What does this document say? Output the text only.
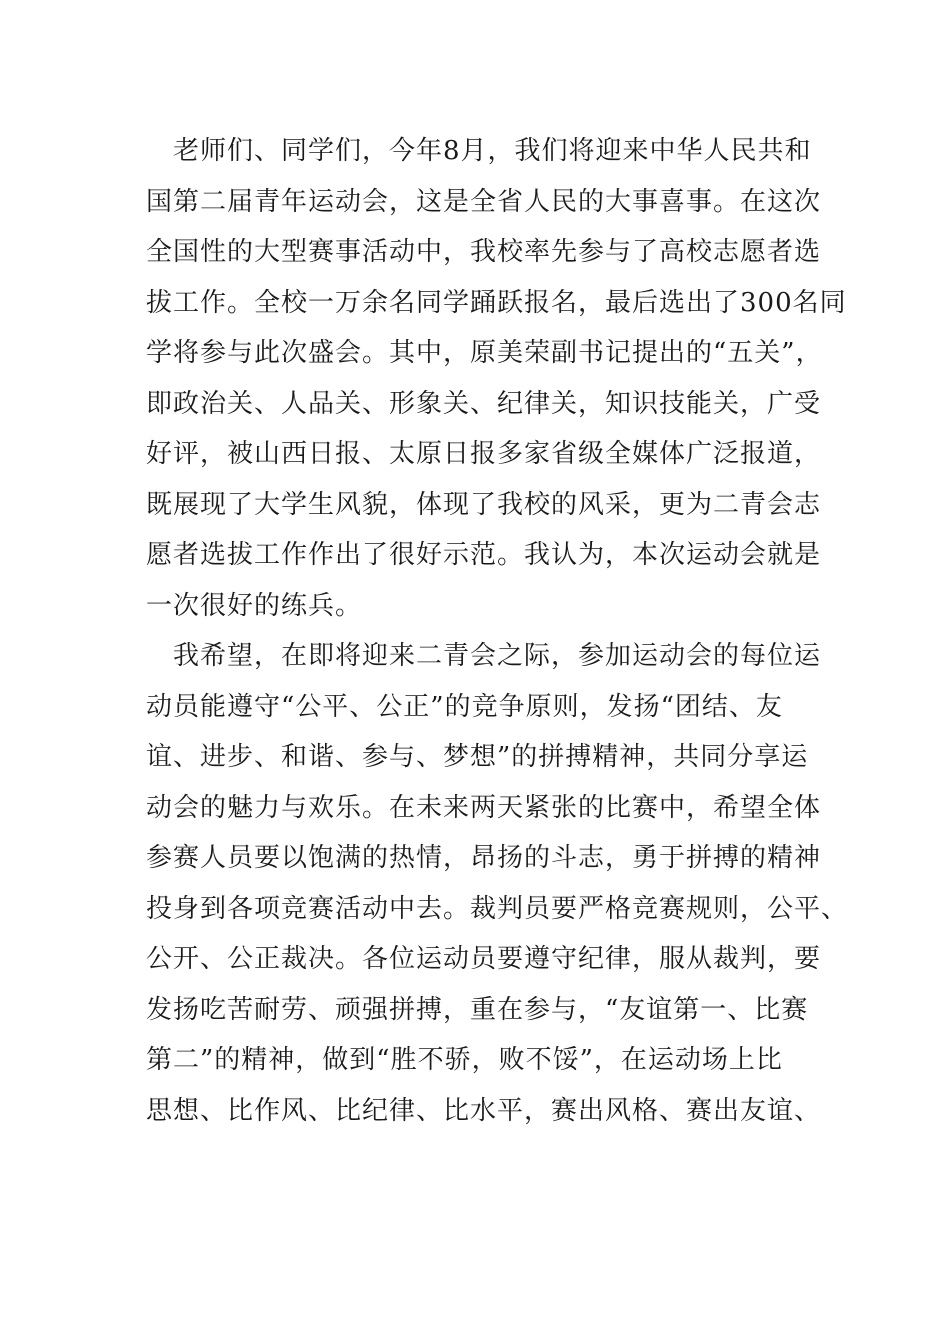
　老师们、同学们，今年8月，我们将迎来中华人民共和
国第二届青年运动会，这是全省人民的大事喜事。在这次
全国性的大型赛事活动中，我校率先参与了高校志愿者选
拔工作。全校一万余名同学踊跃报名，最后选出了300名同
学将参与此次盛会。其中，原美荣副书记提出的“五关”，
即政治关、人品关、形象关、纪律关，知识技能关，广受
好评，被山西日报、太原日报多家省级全媒体广泛报道，
既展现了大学生风貌，体现了我校的风采，更为二青会志
愿者选拔工作作出了很好示范。我认为，本次运动会就是
一次很好的练兵。
　我希望，在即将迎来二青会之际，参加运动会的每位运
动员能遵守“公平、公正”的竞争原则，发扬“团结、友
谊、进步、和谐、参与、梦想”的拼搏精神，共同分享运
动会的魅力与欢乐。在未来两天紧张的比赛中，希望全体
参赛人员要以饱满的热情，昂扬的斗志，勇于拼搏的精神
投身到各项竞赛活动中去。裁判员要严格竞赛规则，公平、
公开、公正裁决。各位运动员要遵守纪律，服从裁判，要
发扬吃苦耐劳、顽强拼搏，重在参与，“友谊第一、比赛
第二”的精神，做到“胜不骄，败不馁”，在运动场上比
思想、比作风、比纪律、比水平，赛出风格、赛出友谊、
